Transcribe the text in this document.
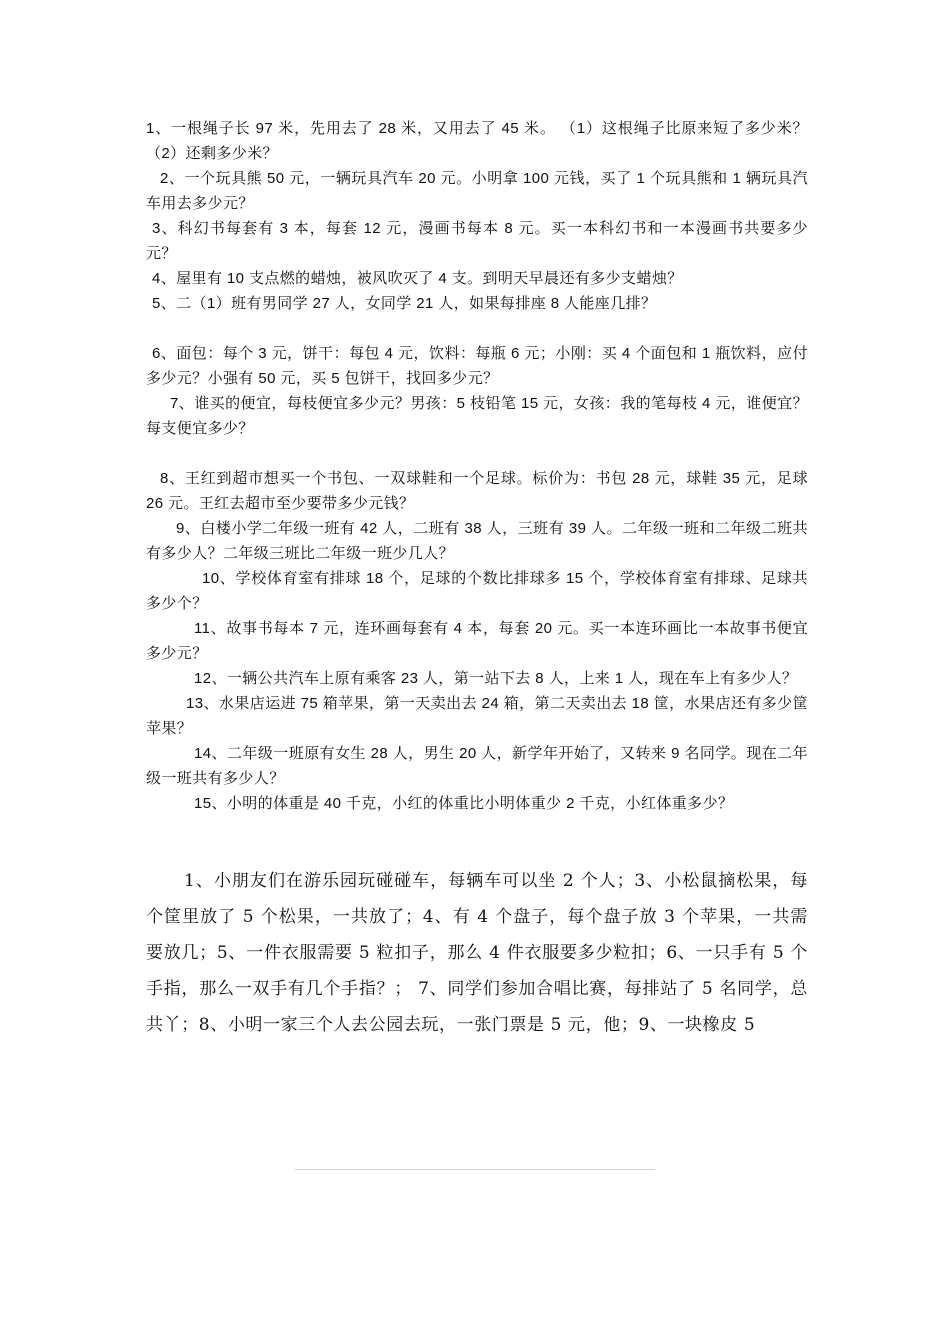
1、一根绳子长 97 米，先用去了 28 米，又用去了 45 米。 （1）这根绳子比原来短了多少米？ （2）还剩多少米？

2、一个玩具熊 50 元，一辆玩具汽车 20 元。小明拿 100 元钱，买了 1 个玩具熊和 1 辆玩具汽车用去多少元？

3、科幻书每套有 3 本，每套 12 元，漫画书每本 8 元。买一本科幻书和一本漫画书共要多少元？

4、屋里有 10 支点燃的蜡烛，被风吹灭了 4 支。到明天早晨还有多少支蜡烛？

5、二（1）班有男同学 27 人，女同学 21 人，如果每排座 8 人能座几排？

6、面包：每个 3 元，饼干：每包 4 元，饮料：每瓶 6 元；小刚：买 4 个面包和 1 瓶饮料，应付多少元？小强有 50 元，买 5 包饼干，找回多少元？

7、谁买的便宜，每枝便宜多少元？男孩：5 枝铅笔 15 元，女孩：我的笔每枝 4 元，谁便宜？每支便宜多少？

8、王红到超市想买一个书包、一双球鞋和一个足球。标价为：书包 28 元，球鞋 35 元，足球 26 元。王红去超市至少要带多少元钱？

9、白楼小学二年级一班有 42 人，二班有 38 人，三班有 39 人。二年级一班和二年级二班共有多少人？二年级三班比二年级一班少几人？

10、学校体育室有排球 18 个，足球的个数比排球多 15 个，学校体育室有排球、足球共多少个？

11、故事书每本 7 元，连环画每套有 4 本，每套 20 元。买一本连环画比一本故事书便宜多少元？

12、一辆公共汽车上原有乘客 23 人，第一站下去 8 人，上来 1 人，现在车上有多少人？

13、水果店运进 75 箱苹果，第一天卖出去 24 箱，第二天卖出去 18 筐，水果店还有多少筐苹果？

14、二年级一班原有女生 28 人，男生 20 人，新学年开始了，又转来 9 名同学。现在二年级一班共有多少人？

15、小明的体重是 40 千克，小红的体重比小明体重少 2 千克，小红体重多少？

1、小朋友们在游乐园玩碰碰车，每辆车可以坐 2 个人；3、小松鼠摘松果，每个筐里放了 5 个松果，一共放了；4、有 4 个盘子，每个盘子放 3 个苹果，一共需要放几；5、一件衣服需要 5 粒扣子，那么 4 件衣服要多少粒扣；6、一只手有 5 个手指，那么一双手有几个手指？； 7、同学们参加合唱比赛，每排站了 5 名同学，总共丫；8、小明一家三个人去公园去玩，一张门票是 5 元，他；9、一块橡皮 5
